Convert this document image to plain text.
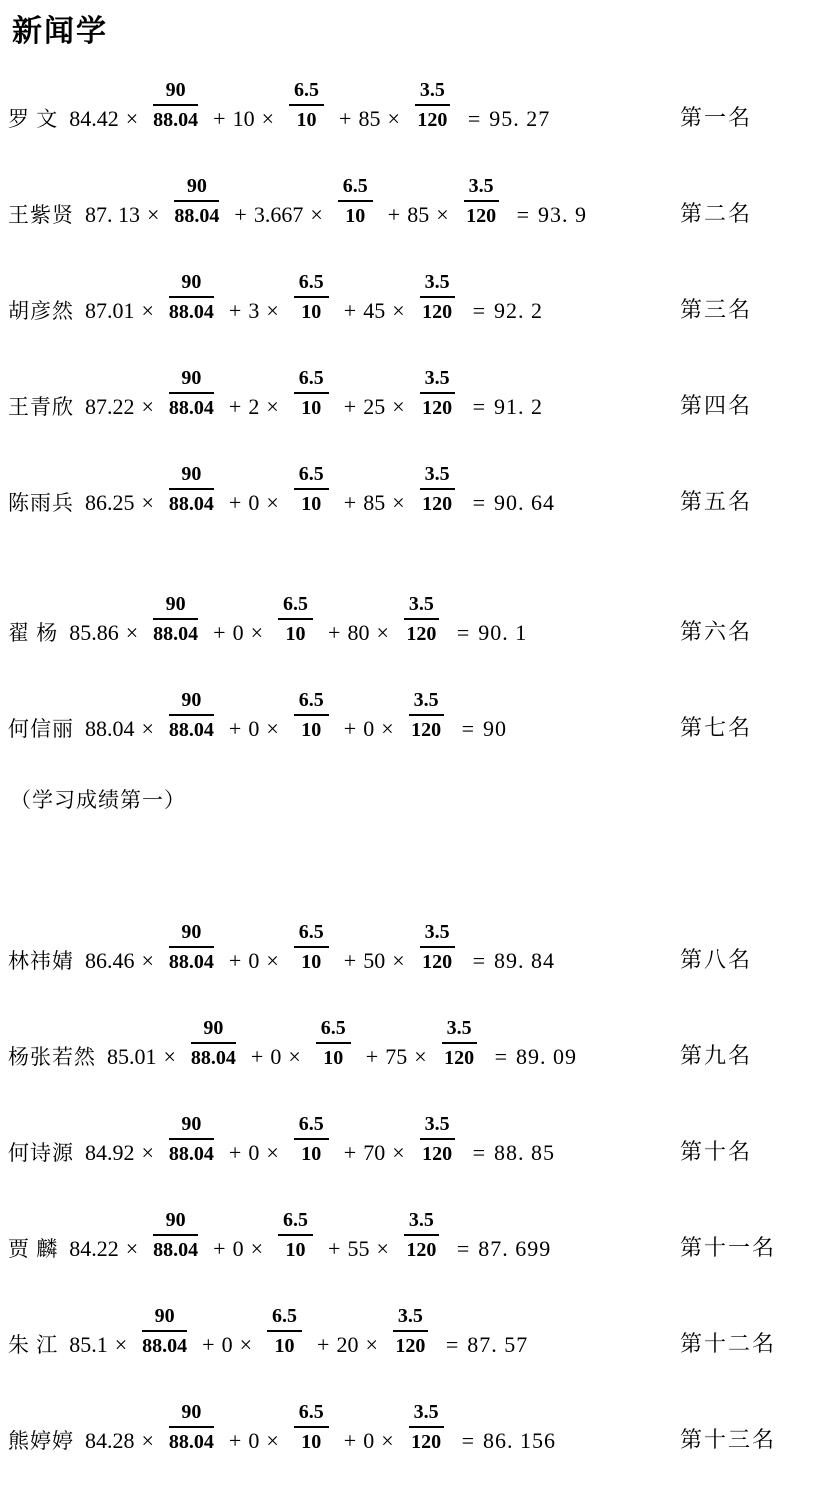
新闻学
罗 文 $84.42 \times \frac{90}{88.04} + 10 \times \frac{6.5}{10} + 85 \times \frac{3.5}{120} = 95$. 27	第一名
王紫贤 87. $13 \times \frac{90}{88.04} + 3.667 \times \frac{6.5}{10} + 85 \times \frac{3.5}{120} = 93$. 9	第二名
胡彦然 $87.01 \times \frac{90}{88.04} + 3 \times \frac{6.5}{10} + 45 \times \frac{3.5}{120} = 92$. 2	第三名
王青欣 $87.22 \times \frac{90}{88.04} + 2 \times \frac{6.5}{10} + 25 \times \frac{3.5}{120} = 91$. 2	第四名
陈雨兵 $86.25 \times \frac{90}{88.04} + 0 \times \frac{6.5}{10} + 85 \times \frac{3.5}{120} = 90$. 64	第五名
翟 杨 $85.86 \times \frac{90}{88.04} + 0 \times \frac{6.5}{10} + 80 \times \frac{3.5}{120} = 90$. 1	第六名
何信丽 $88.04 \times \frac{90}{88.04} + 0 \times \frac{6.5}{10} + 0 \times \frac{3.5}{120} = 90$	第七名
（学习成绩第一）
林祎婧 $86.46 \times \frac{90}{88.04} + 0 \times \frac{6.5}{10} + 50 \times \frac{3.5}{120} = 89$. 84	第八名
杨张若然 $85.01 \times \frac{90}{88.04} + 0 \times \frac{6.5}{10} + 75 \times \frac{3.5}{120} = 89$. 09	第九名
何诗源 $84.92 \times \frac{90}{88.04} + 0 \times \frac{6.5}{10} + 70 \times \frac{3.5}{120} = 88$. 85	第十名
贾 麟 $84.22 \times \frac{90}{88.04} + 0 \times \frac{6.5}{10} + 55 \times \frac{3.5}{120} = 87$. 699	第十一名
朱 江 $85.1 \times \frac{90}{88.04} + 0 \times \frac{6.5}{10} + 20 \times \frac{3.5}{120} = 87$. 57	第十二名
熊婷婷 $84.28 \times \frac{90}{88.04} + 0 \times \frac{6.5}{10} + 0 \times \frac{3.5}{120} = 86$. 156	第十三名
